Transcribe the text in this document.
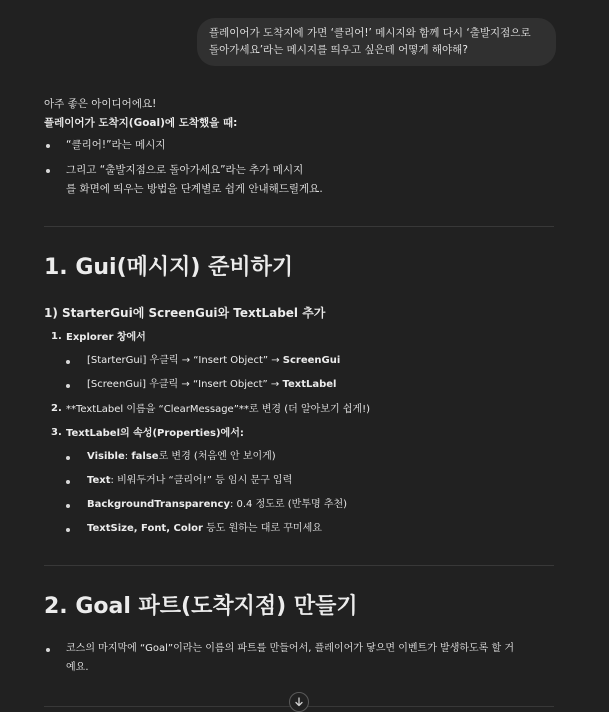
플레이어가 도착지에 가면 ‘클리어!’ 메시지와 함께 다시 ‘출발지점으로
돌아가세요’라는 메시지를 띄우고 싶은데 어떻게 해야해?
아주 좋은 아이디어에요!
플레이어가 도착지(Goal)에 도착했을 때:
“클리어!”라는 메시지
그리고 “출발지점으로 돌아가세요”라는 추가 메시지
를 화면에 띄우는 방법을 단계별로 쉽게 안내해드릴게요.
1. Gui(메시지) 준비하기
1) StarterGui에 ScreenGui와 TextLabel 추가
1. Explorer 창에서
[StarterGui] 우클릭 → “Insert Object” → ScreenGui
[ScreenGui] 우클릭 → “Insert Object” → TextLabel
2. **TextLabel 이름을 “ClearMessage”**로 변경 (더 알아보기 쉽게!)
3. TextLabel의 속성(Properties)에서:
Visible: false로 변경 (처음엔 안 보이게)
Text: 비워두거나 “클리어!” 등 임시 문구 입력
BackgroundTransparency: 0.4 정도로 (반투명 추천)
TextSize, Font, Color 등도 원하는 대로 꾸미세요
2. Goal 파트(도착지점) 만들기
코스의 마지막에 “Goal”이라는 이름의 파트를 만들어서, 플레이어가 닿으면 이벤트가 발생하도록 할 거
예요.
